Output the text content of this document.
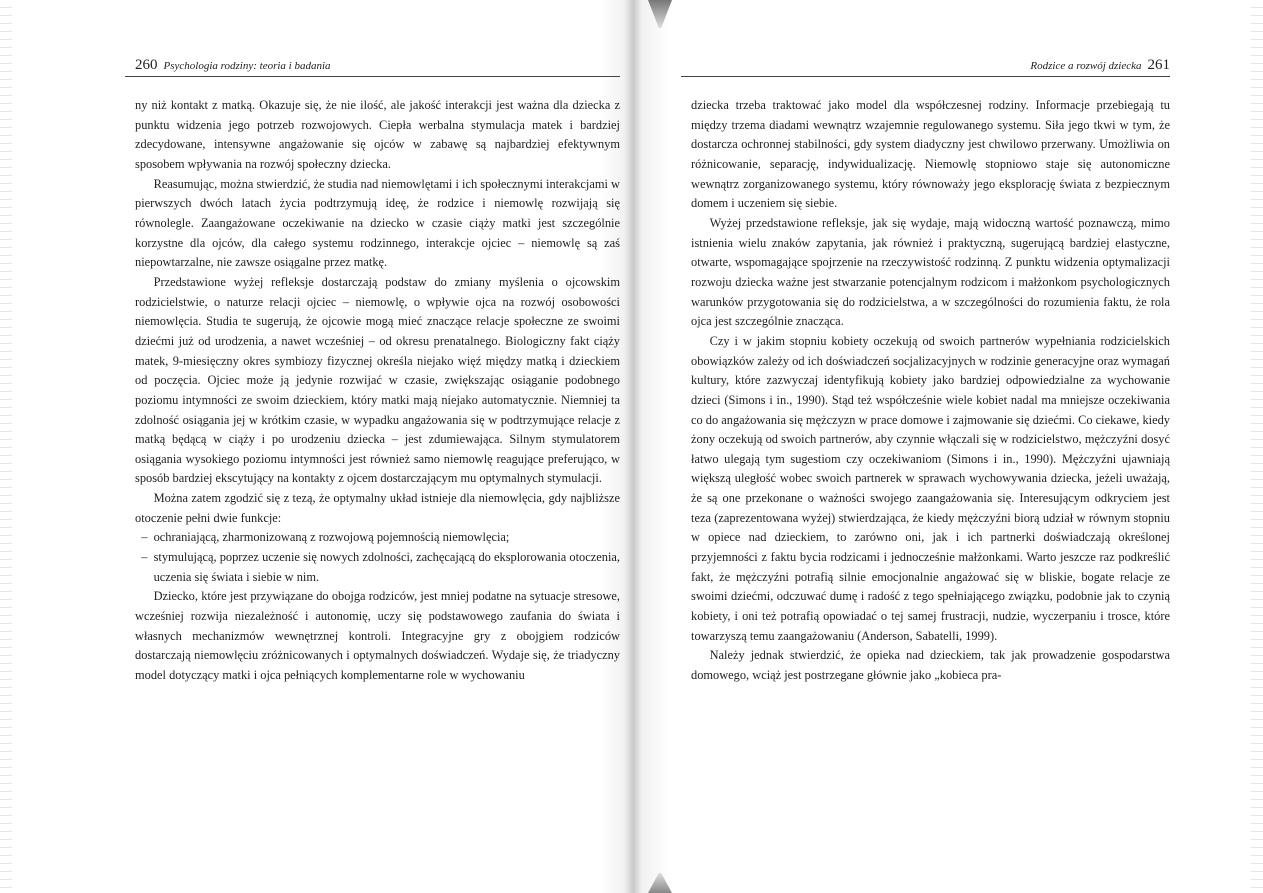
260 Psychologia rodziny: teoria i badania

ny niż kontakt z matką. Okazuje się, że nie ilość, ale jakość interakcji jest ważna dla dziecka z punktu widzenia jego potrzeb rozwojowych. Ciepła werbalna stymulacja matek i bardziej zdecydowane, intensywne angażowanie się ojców w zabawę są najbardziej efektywnym sposobem wpływania na rozwój społeczny dziecka.

Reasumując, można stwierdzić, że studia nad niemowlętami i ich społecznymi interakcjami w pierwszych dwóch latach życia podtrzymują ideę, że rodzice i niemowlę rozwijają się równolegle. Zaangażowane oczekiwanie na dziecko w czasie ciąży matki jest szczególnie korzystne dla ojców, dla całego systemu rodzinnego, interakcje ojciec – niemowlę są zaś niepowtarzalne, nie zawsze osiągalne przez matkę.

Przedstawione wyżej refleksje dostarczają podstaw do zmiany myślenia o ojcowskim rodzicielstwie, o naturze relacji ojciec – niemowlę, o wpływie ojca na rozwój osobowości niemowlęcia. Studia te sugerują, że ojcowie mogą mieć znaczące relacje społeczne ze swoimi dziećmi już od urodzenia, a nawet wcześniej – od okresu prenatalnego. Biologiczny fakt ciąży matek, 9-miesięczny okres symbiozy fizycznej określa niejako więź między matką i dzieckiem od poczęcia. Ojciec może ją jedynie rozwijać w czasie, zwiększając osiąganie podobnego poziomu intymności ze swoim dzieckiem, który matki mają niejako automatycznie. Niemniej ta zdolność osiągania jej w krótkim czasie, w wypadku angażowania się w podtrzymujące relacje z matką będącą w ciąży i po urodzeniu dziecka – jest zdumiewająca. Silnym stymulatorem osiągania wysokiego poziomu intymności jest również samo niemowlę reagujące preferująco, w sposób bardziej ekscytujący na kontakty z ojcem dostarczającym mu optymalnych stymulacji.

Można zatem zgodzić się z tezą, że optymalny układ istnieje dla niemowlęcia, gdy najbliższe otoczenie pełni dwie funkcje:

– ochraniającą, zharmonizowaną z rozwojową pojemnością niemowlęcia;
– stymulującą, poprzez uczenie się nowych zdolności, zachęcającą do eksplorowania otoczenia, uczenia się świata i siebie w nim.

Dziecko, które jest przywiązane do obojga rodziców, jest mniej podatne na sytuacje stresowe, wcześniej rozwija niezależność i autonomię, uczy się podstawowego zaufania do świata i własnych mechanizmów wewnętrznej kontroli. Integracyjne gry z obojgiem rodziców dostarczają niemowlęciu zróżnicowanych i optymalnych doświadczeń. Wydaje się, że triadyczny model dotyczący matki i ojca pełniących komplementarne role w wychowaniu

Rodzice a rozwój dziecka 261

dziecka trzeba traktować jako model dla współczesnej rodziny. Informacje przebiegają tu między trzema diadami wewnątrz wzajemnie regulowanego systemu. Siła jego tkwi w tym, że dostarcza ochronnej stabilności, gdy system diadyczny jest chwilowo przerwany. Umożliwia on różnicowanie, separację, indywidualizację. Niemowlę stopniowo staje się autonomiczne wewnątrz zorganizowanego systemu, który równoważy jego eksplorację świata z bezpiecznym domem i uczeniem się siebie.

Wyżej przedstawione refleksje, jak się wydaje, mają widoczną wartość poznawczą, mimo istnienia wielu znaków zapytania, jak również i praktyczną, sugerującą bardziej elastyczne, otwarte, wspomagające spojrzenie na rzeczywistość rodzinną. Z punktu widzenia optymalizacji rozwoju dziecka ważne jest stwarzanie potencjalnym rodzicom i małżonkom psychologicznych warunków przygotowania się do rodzicielstwa, a w szczególności do rozumienia faktu, że rola ojca jest szczególnie znacząca.

Czy i w jakim stopniu kobiety oczekują od swoich partnerów wypełniania rodzicielskich obowiązków zależy od ich doświadczeń socjalizacyjnych w rodzinie generacyjne oraz wymagań kultury, które zazwyczaj identyfikują kobiety jako bardziej odpowiedzialne za wychowanie dzieci (Simons i in., 1990). Stąd też współcześnie wiele kobiet nadal ma mniejsze oczekiwania co do angażowania się mężczyzn w prace domowe i zajmowanie się dziećmi. Co ciekawe, kiedy żony oczekują od swoich partnerów, aby czynnie włączali się w rodzicielstwo, mężczyźni dosyć łatwo ulegają tym sugestiom czy oczekiwaniom (Simons i in., 1990). Mężczyźni ujawniają większą uległość wobec swoich partnerek w sprawach wychowywania dziecka, jeżeli uważają, że są one przekonane o ważności swojego zaangażowania się. Interesującym odkryciem jest teza (zaprezentowana wyżej) stwierdzająca, że kiedy mężczyźni biorą udział w równym stopniu w opiece nad dzieckiem, to zarówno oni, jak i ich partnerki doświadczają określonej przyjemności z faktu bycia rodzicami i jednocześnie małżonkami. Warto jeszcze raz podkreślić fakt, że mężczyźni potrafią silnie emocjonalnie angażować się w bliskie, bogate relacje ze swoimi dziećmi, odczuwać dumę i radość z tego spełniającego związku, podobnie jak to czynią kobiety, i oni też potrafią opowiadać o tej samej frustracji, nudzie, wyczerpaniu i trosce, które towarzyszą temu zaangażowaniu (Anderson, Sabatelli, 1999).

Należy jednak stwierdzić, że opieka nad dzieckiem, tak jak prowadzenie gospodarstwa domowego, wciąż jest postrzegane głównie jako „kobieca pra-
